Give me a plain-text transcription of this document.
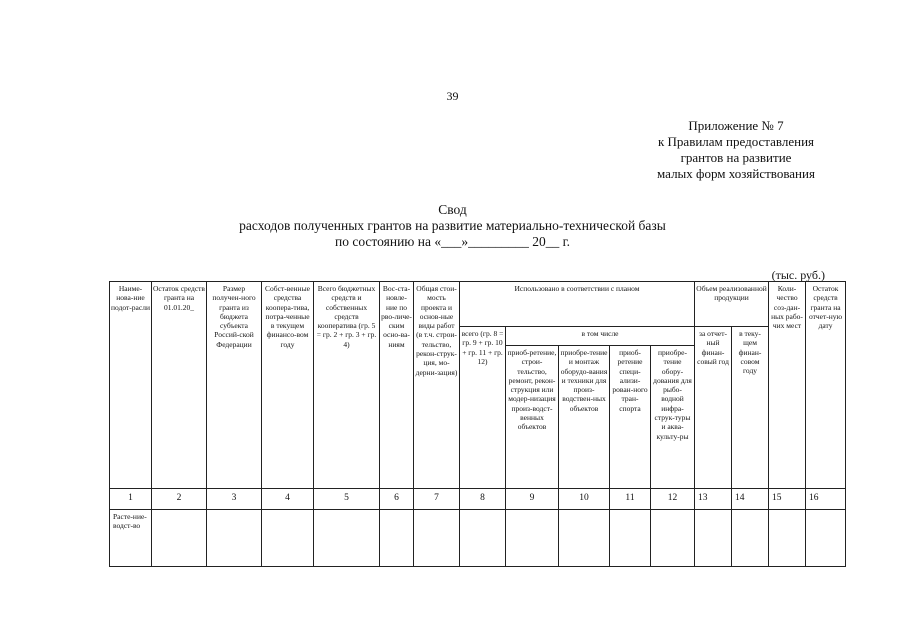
39
Приложение № 7
к Правилам предоставления
грантов на развитие
малых форм хозяйствования
Свод
расходов полученных грантов на развитие материально-технической базы
по состоянию на «___»_________ 20__ г.
(тыс. руб.)
Наиме-нова-ние подот-расли	Остаток средств гранта на 01.01.20_	Размер получен-ного гранта из бюджета субъекта Россий-ской Федерации	Собст-венные средства коопера-тива, потра-ченные в текущем финансо-вом году	Всего бюджетных средств и собственных средств кооператива (гр. 5 = гр. 2 + гр. 3 + гр. 4)	Вос-ста-новле-ние по рво-личе-ским осно-ва-ниям	Общая стои-мость проекта и основ-ные виды работ (в т.ч. строи-тельство, рекон-струк-ция, мо-дерни-зация)	Использовано в соответствии с планом					Объем реализованной продукции		Коли-чество соз-дан-ных рабо-чих мест	Остаток средств гранта на отчет-ную дату
							всего (гр. 8 = гр. 9 + гр. 10 + гр. 11 + гр. 12)	в том числе				за отчет-ный финан-совый год	в теку-щем финан-совом году		
								приоб-ретение, строи-тельство, ремонт, рекон-струкция или модер-низация произ-водст-венных объектов	приобре-тение и монтаж оборудо-вания и техники для произ-водствен-ных объектов	приоб-ретение специ-ализи-рован-ного тран-спорта	приобре-тение обору-дования для рыбо-водной инфра-струк-туры и аква-культу-ры				
1	2	3	4	5	6	7	8	9	10	11	12	13	14	15	16
Расте-ние-водст-во															
